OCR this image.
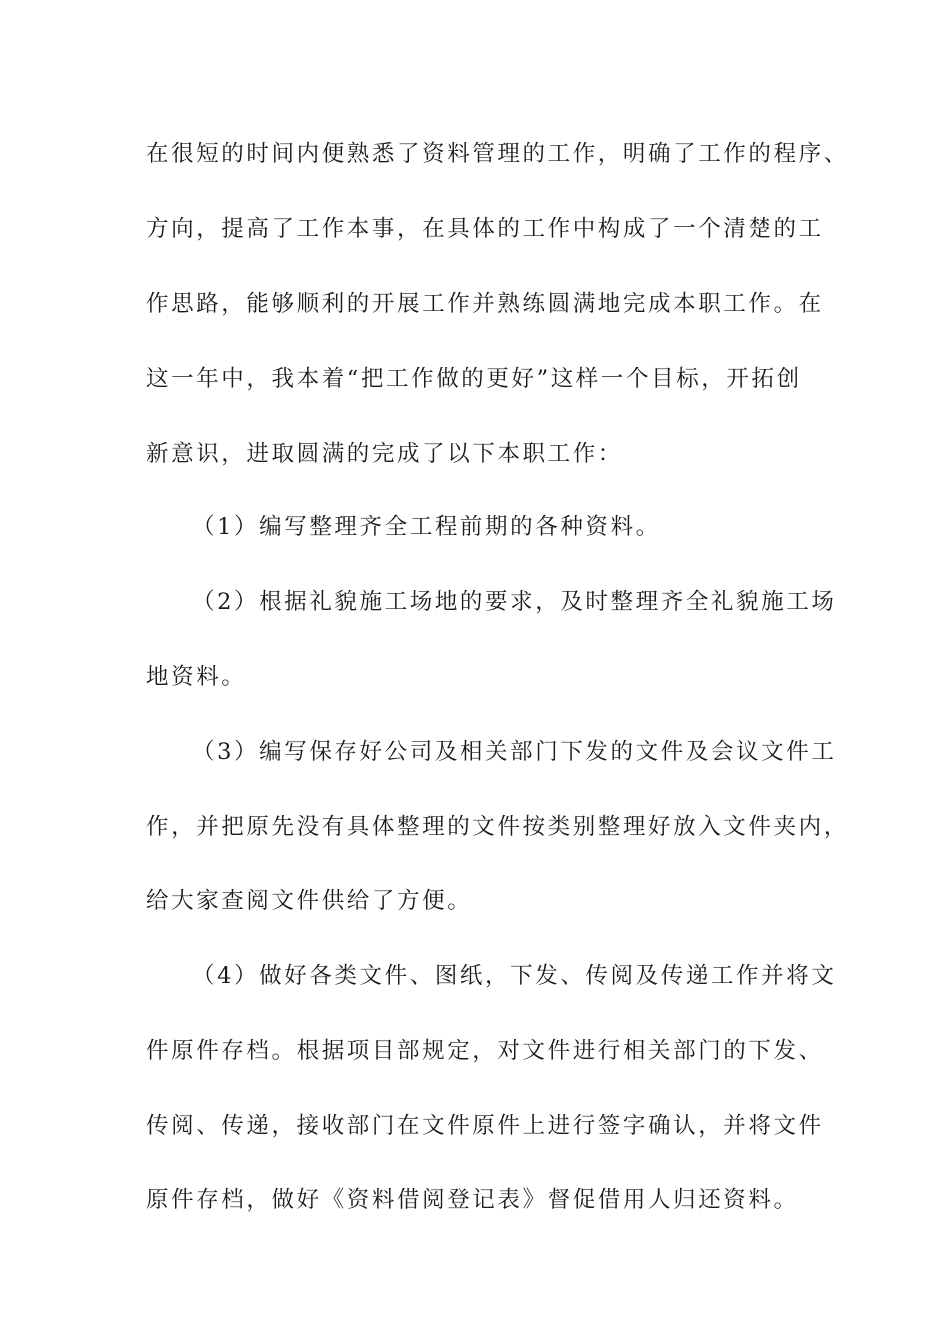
在很短的时间内便熟悉了资料管理的工作，明确了工作的程序、
方向，提高了工作本事，在具体的工作中构成了一个清楚的工
作思路，能够顺利的开展工作并熟练圆满地完成本职工作。在
这一年中，我本着“把工作做的更好”这样一个目标，开拓创
新意识，进取圆满的完成了以下本职工作：
（1）编写整理齐全工程前期的各种资料。
（2）根据礼貌施工场地的要求，及时整理齐全礼貌施工场
地资料。
（3）编写保存好公司及相关部门下发的文件及会议文件工
作，并把原先没有具体整理的文件按类别整理好放入文件夹内，
给大家查阅文件供给了方便。
（4）做好各类文件、图纸，下发、传阅及传递工作并将文
件原件存档。根据项目部规定，对文件进行相关部门的下发、
传阅、传递，接收部门在文件原件上进行签字确认，并将文件
原件存档，做好《资料借阅登记表》督促借用人归还资料。
